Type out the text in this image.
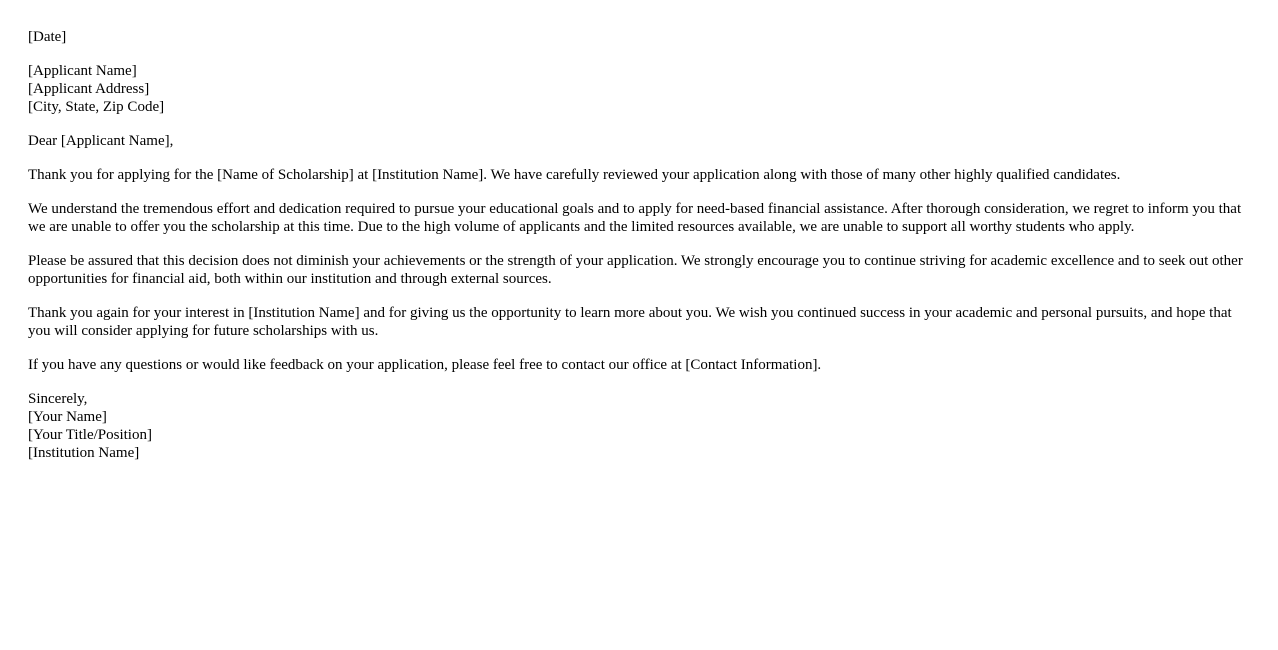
[Date]
[Applicant Name]
[Applicant Address]
[City, State, Zip Code]
Dear [Applicant Name],

Thank you for applying for the [Name of Scholarship] at [Institution Name]. We have carefully reviewed your application along with those of many other highly qualified candidates.

We understand the tremendous effort and dedication required to pursue your educational goals and to apply for need-based financial assistance. After thorough consideration, we regret to inform you that we are unable to offer you the scholarship at this time. Due to the high volume of applicants and the limited resources available, we are unable to support all worthy students who apply.

Please be assured that this decision does not diminish your achievements or the strength of your application. We strongly encourage you to continue striving for academic excellence and to seek out other opportunities for financial aid, both within our institution and through external sources.

Thank you again for your interest in [Institution Name] and for giving us the opportunity to learn more about you. We wish you continued success in your academic and personal pursuits, and hope that you will consider applying for future scholarships with us.

If you have any questions or would like feedback on your application, please feel free to contact our office at [Contact Information].

Sincerely,
[Your Name]
[Your Title/Position]
[Institution Name]
